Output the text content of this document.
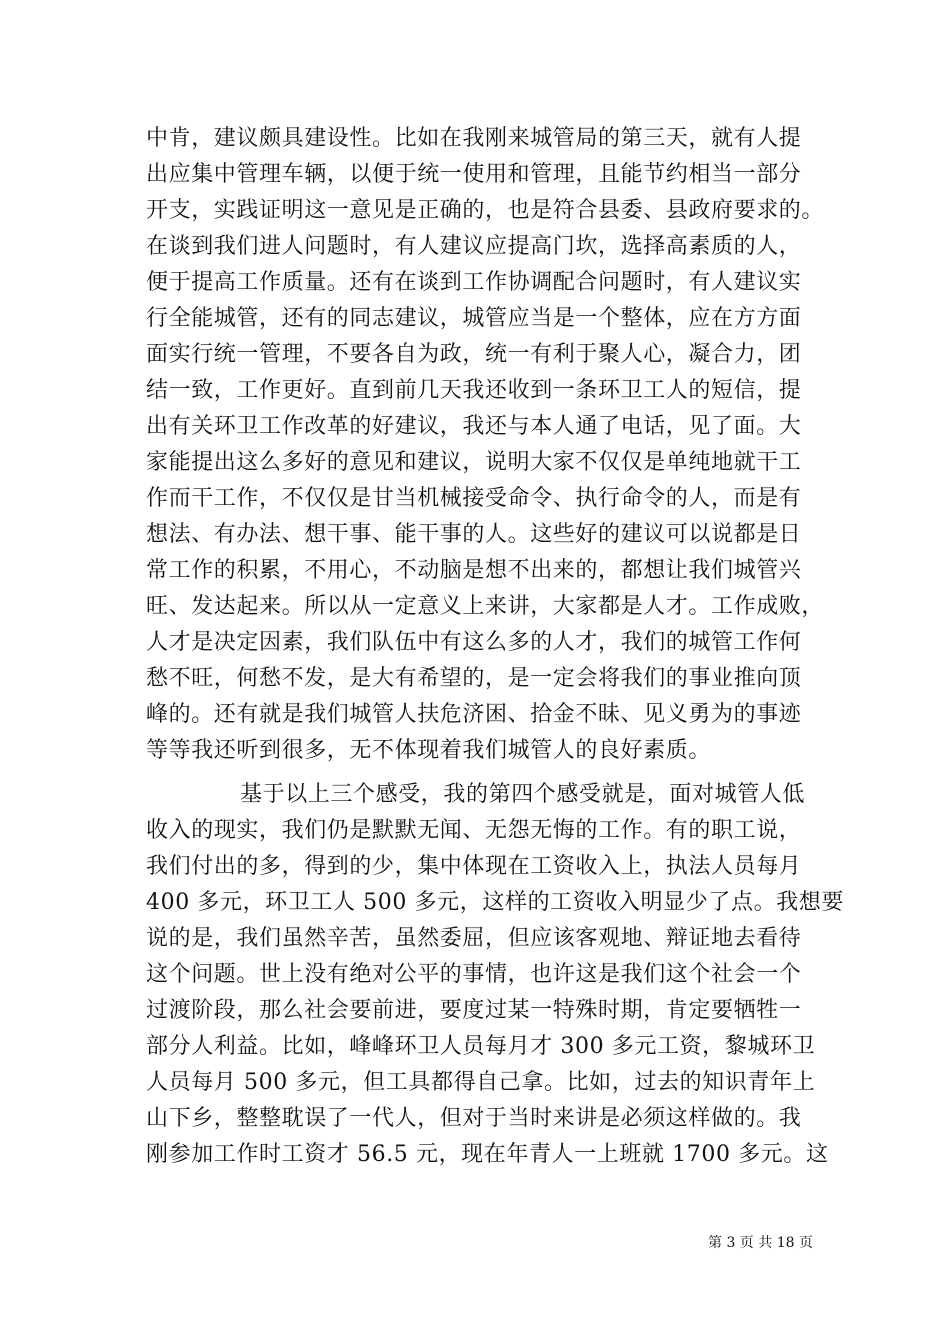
中肯，建议颇具建设性。比如在我刚来城管局的第三天，就有人提
出应集中管理车辆，以便于统一使用和管理，且能节约相当一部分
开支，实践证明这一意见是正确的，也是符合县委、县政府要求的。
在谈到我们进人问题时，有人建议应提高门坎，选择高素质的人，
便于提高工作质量。还有在谈到工作协调配合问题时，有人建议实
行全能城管，还有的同志建议，城管应当是一个整体，应在方方面
面实行统一管理，不要各自为政，统一有利于聚人心，凝合力，团
结一致，工作更好。直到前几天我还收到一条环卫工人的短信，提
出有关环卫工作改革的好建议，我还与本人通了电话，见了面。大
家能提出这么多好的意见和建议，说明大家不仅仅是单纯地就干工
作而干工作，不仅仅是甘当机械接受命令、执行命令的人，而是有
想法、有办法、想干事、能干事的人。这些好的建议可以说都是日
常工作的积累，不用心，不动脑是想不出来的，都想让我们城管兴
旺、发达起来。所以从一定意义上来讲，大家都是人才。工作成败，
人才是决定因素，我们队伍中有这么多的人才，我们的城管工作何
愁不旺，何愁不发，是大有希望的，是一定会将我们的事业推向顶
峰的。还有就是我们城管人扶危济困、拾金不昧、见义勇为的事迹
等等我还听到很多，无不体现着我们城管人的良好素质。
基于以上三个感受，我的第四个感受就是，面对城管人低
收入的现实，我们仍是默默无闻、无怨无悔的工作。有的职工说，
我们付出的多，得到的少，集中体现在工资收入上，执法人员每月
400 多元，环卫工人 500 多元，这样的工资收入明显少了点。我想要
说的是，我们虽然辛苦，虽然委屈，但应该客观地、辩证地去看待
这个问题。世上没有绝对公平的事情，也许这是我们这个社会一个
过渡阶段，那么社会要前进，要度过某一特殊时期，肯定要牺牲一
部分人利益。比如，峰峰环卫人员每月才 300 多元工资，黎城环卫
人员每月 500 多元，但工具都得自己拿。比如，过去的知识青年上
山下乡，整整耽误了一代人，但对于当时来讲是必须这样做的。我
刚参加工作时工资才 56.5 元，现在年青人一上班就 1700 多元。这
第 3 页 共 18 页
